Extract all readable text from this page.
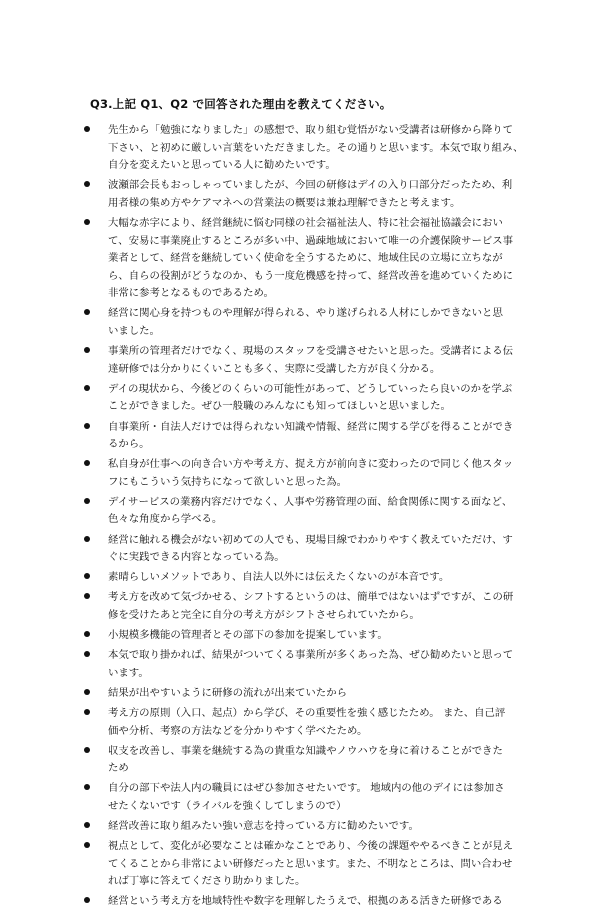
Q3.上記 Q1、Q2 で回答された理由を教えてください。
先生から「勉強になりました」の感想で、取り組む覚悟がない受講者は研修から降りて
下さい、と初めに厳しい言葉をいただきました。その通りと思います。本気で取り組み、
自分を変えたいと思っている人に勧めたいです。
波瀬部会長もおっしゃっていましたが、今回の研修はデイの入り口部分だったため、利
用者様の集め方やケアマネへの営業法の概要は兼ね理解できたと考えます。
大幅な赤字により、経営継続に悩む同様の社会福祉法人、特に社会福祉協議会におい
て、安易に事業廃止するところが多い中、過疎地域において唯一の介護保険サービス事
業者として、経営を継続していく使命を全うするために、地域住民の立場に立ちなが
ら、自らの役割がどうなのか、もう一度危機感を持って、経営改善を進めていくために
非常に参考となるものであるため。
経営に関心身を持つものや理解が得られる、やり遂げられる人材にしかできないと思
いました。
事業所の管理者だけでなく、現場のスタッフを受講させたいと思った。受講者による伝
達研修では分かりにくいことも多く、実際に受講した方が良く分かる。
デイの現状から、今後どのくらいの可能性があって、どうしていったら良いのかを学ぶ
ことができました。ぜひ一般職のみんなにも知ってほしいと思いました。
自事業所・自法人だけでは得られない知識や情報、経営に関する学びを得ることができ
るから。
私自身が仕事への向き合い方や考え方、捉え方が前向きに変わったので同じく他スタッ
フにもこういう気持ちになって欲しいと思った為。
デイサービスの業務内容だけでなく、人事や労務管理の面、給食関係に関する面など、
色々な角度から学べる。
経営に触れる機会がない初めての人でも、現場目線でわかりやすく教えていただけ、す
ぐに実践できる内容となっている為。
素晴らしいメソットであり、自法人以外には伝えたくないのが本音です。
考え方を改めて気づかせる、シフトするというのは、簡単ではないはずですが、この研
修を受けたあと完全に自分の考え方がシフトさせられていたから。
小規模多機能の管理者とその部下の参加を提案しています。
本気で取り掛かれば、結果がついてくる事業所が多くあった為、ぜひ勧めたいと思って
います。
結果が出やすいように研修の流れが出来ていたから
考え方の原則（入口、起点）から学び、その重要性を強く感じたため。 また、自己評
価や分析、考察の方法などを分かりやすく学べたため。
収支を改善し、事業を継続する為の貴重な知識やノウハウを身に着けることができた
ため
自分の部下や法人内の職員にはぜひ参加させたいです。 地域内の他のデイには参加さ
せたくないです（ライバルを強くしてしまうので）
経営改善に取り組みたい強い意志を持っている方に勧めたいです。
視点として、変化が必要なことは確かなことであり、今後の課題ややるべきことが見え
てくることから非常によい研修だったと思います。また、不明なところは、問い合わせ
れば丁寧に答えてくださり助かりました。
経営という考え方を地域特性や数字を理解したうえで、根拠のある活きた研修である
